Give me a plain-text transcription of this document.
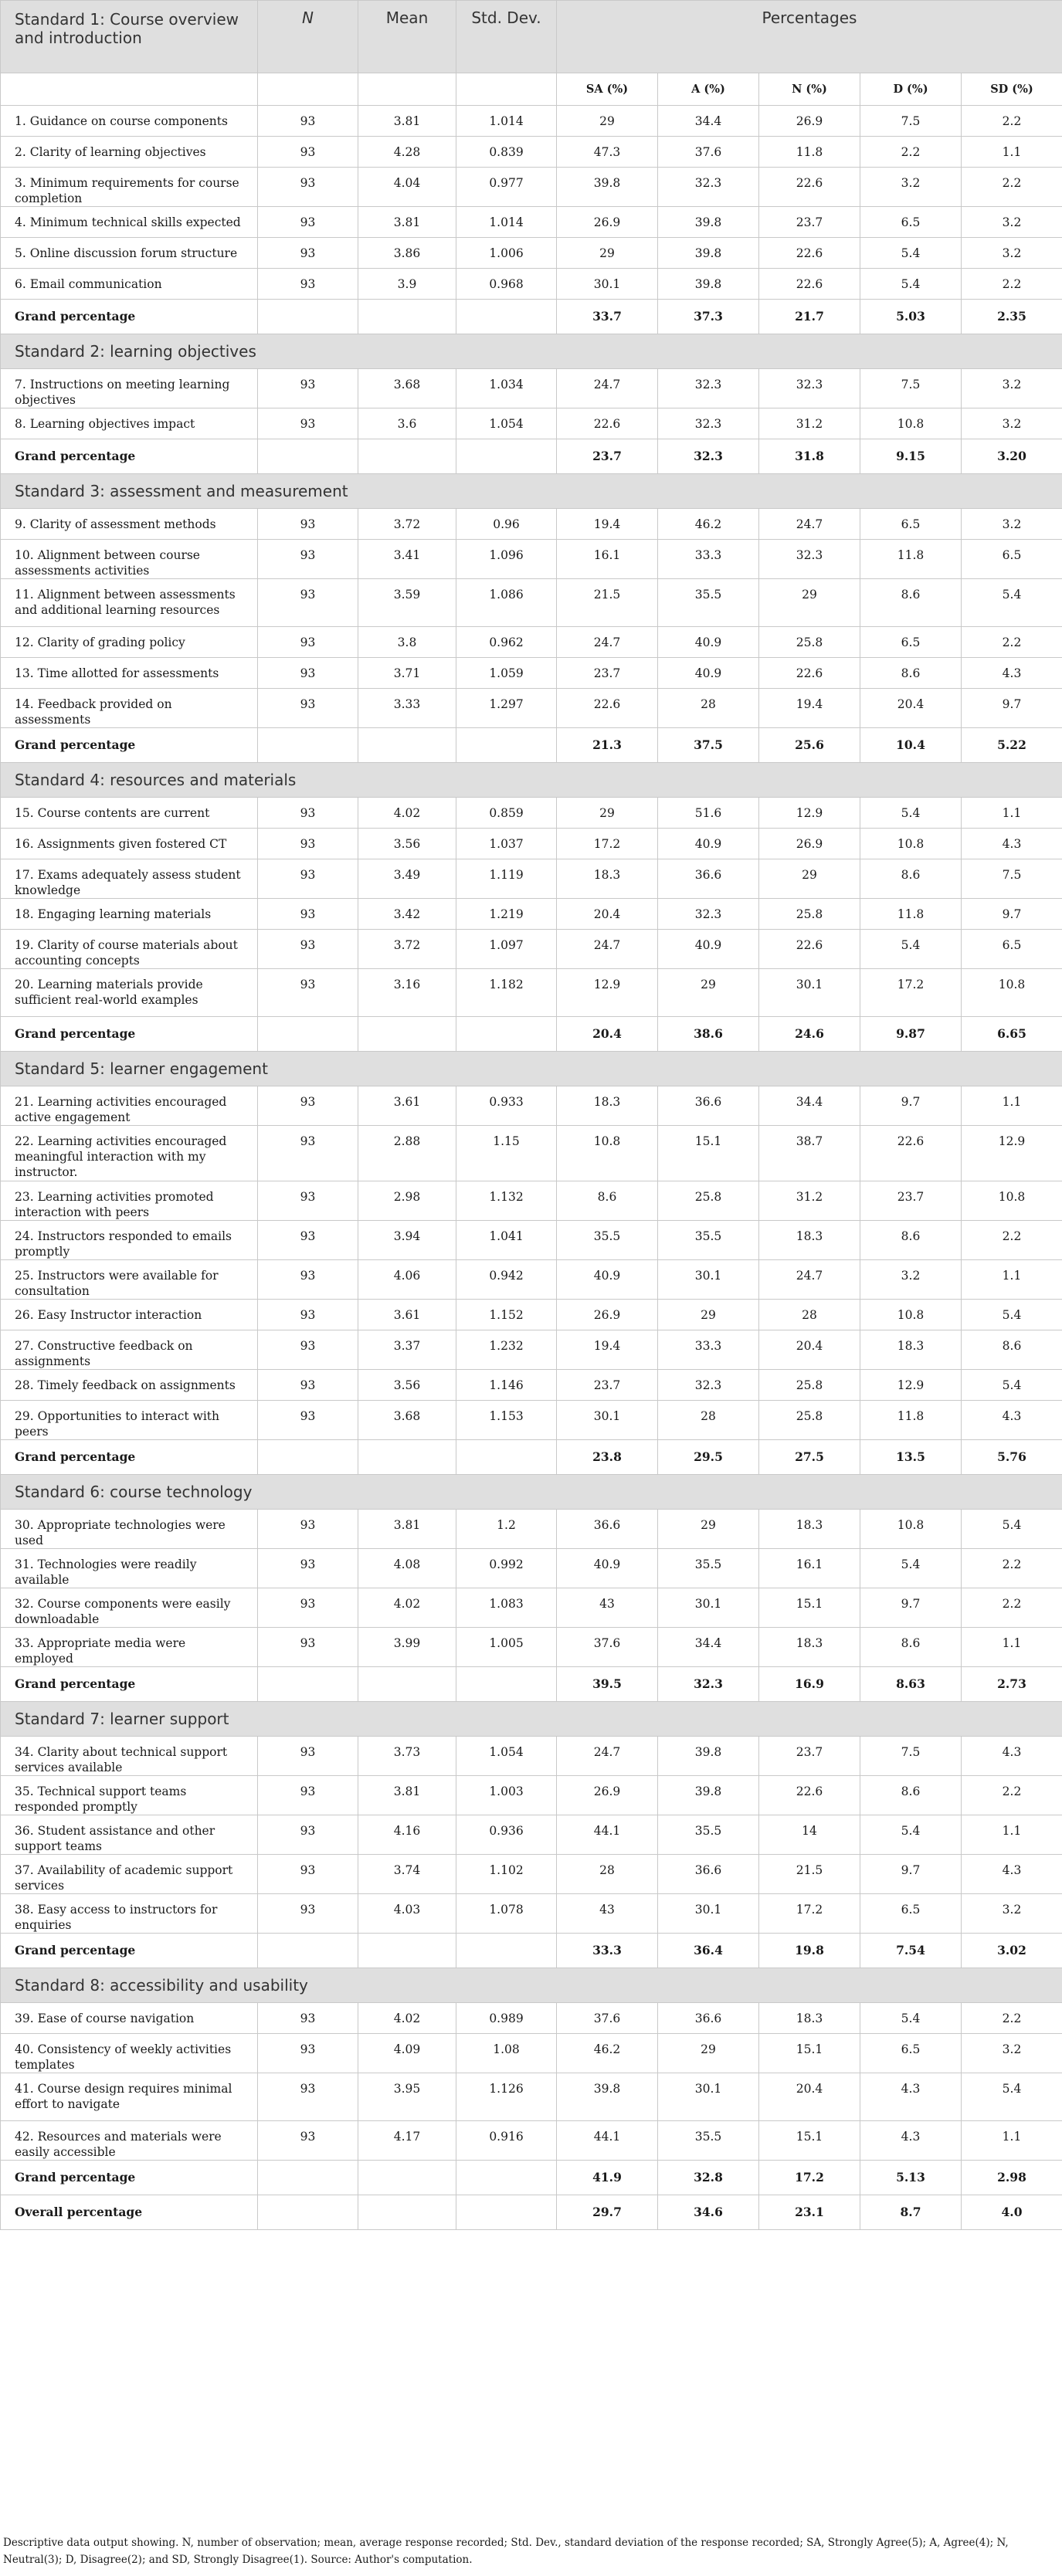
Standard 1: Course overview and introduction	N	Mean	Std. Dev.	Percentages				
				SA (%)	A (%)	N (%)	D (%)	SD (%)
1. Guidance on course components	93	3.81	1.014	29	34.4	26.9	7.5	2.2
2. Clarity of learning objectives	93	4.28	0.839	47.3	37.6	11.8	2.2	1.1
3. Minimum requirements for course completion	93	4.04	0.977	39.8	32.3	22.6	3.2	2.2
4. Minimum technical skills expected	93	3.81	1.014	26.9	39.8	23.7	6.5	3.2
5. Online discussion forum structure	93	3.86	1.006	29	39.8	22.6	5.4	3.2
6. Email communication	93	3.9	0.968	30.1	39.8	22.6	5.4	2.2
Grand percentage				33.7	37.3	21.7	5.03	2.35
Standard 2: learning objectives								
7. Instructions on meeting learning objectives	93	3.68	1.034	24.7	32.3	32.3	7.5	3.2
8. Learning objectives impact	93	3.6	1.054	22.6	32.3	31.2	10.8	3.2
Grand percentage				23.7	32.3	31.8	9.15	3.20
Standard 3: assessment and measurement								
9. Clarity of assessment methods	93	3.72	0.96	19.4	46.2	24.7	6.5	3.2
10. Alignment between course assessments activities	93	3.41	1.096	16.1	33.3	32.3	11.8	6.5
11. Alignment between assessments and additional learning resources	93	3.59	1.086	21.5	35.5	29	8.6	5.4
12. Clarity of grading policy	93	3.8	0.962	24.7	40.9	25.8	6.5	2.2
13. Time allotted for assessments	93	3.71	1.059	23.7	40.9	22.6	8.6	4.3
14. Feedback provided on assessments	93	3.33	1.297	22.6	28	19.4	20.4	9.7
Grand percentage				21.3	37.5	25.6	10.4	5.22
Standard 4: resources and materials								
15. Course contents are current	93	4.02	0.859	29	51.6	12.9	5.4	1.1
16. Assignments given fostered CT	93	3.56	1.037	17.2	40.9	26.9	10.8	4.3
17. Exams adequately assess student knowledge	93	3.49	1.119	18.3	36.6	29	8.6	7.5
18. Engaging learning materials	93	3.42	1.219	20.4	32.3	25.8	11.8	9.7
19. Clarity of course materials about accounting concepts	93	3.72	1.097	24.7	40.9	22.6	5.4	6.5
20. Learning materials provide sufficient real-world examples	93	3.16	1.182	12.9	29	30.1	17.2	10.8
Grand percentage				20.4	38.6	24.6	9.87	6.65
Standard 5: learner engagement								
21. Learning activities encouraged active engagement	93	3.61	0.933	18.3	36.6	34.4	9.7	1.1
22. Learning activities encouraged meaningful interaction with my instructor.	93	2.88	1.15	10.8	15.1	38.7	22.6	12.9
23. Learning activities promoted interaction with peers	93	2.98	1.132	8.6	25.8	31.2	23.7	10.8
24. Instructors responded to emails promptly	93	3.94	1.041	35.5	35.5	18.3	8.6	2.2
25. Instructors were available for consultation	93	4.06	0.942	40.9	30.1	24.7	3.2	1.1
26. Easy Instructor interaction	93	3.61	1.152	26.9	29	28	10.8	5.4
27. Constructive feedback on assignments	93	3.37	1.232	19.4	33.3	20.4	18.3	8.6
28. Timely feedback on assignments	93	3.56	1.146	23.7	32.3	25.8	12.9	5.4
29. Opportunities to interact with peers	93	3.68	1.153	30.1	28	25.8	11.8	4.3
Grand percentage				23.8	29.5	27.5	13.5	5.76
Standard 6: course technology								
30. Appropriate technologies were used	93	3.81	1.2	36.6	29	18.3	10.8	5.4
31. Technologies were readily available	93	4.08	0.992	40.9	35.5	16.1	5.4	2.2
32. Course components were easily downloadable	93	4.02	1.083	43	30.1	15.1	9.7	2.2
33. Appropriate media were employed	93	3.99	1.005	37.6	34.4	18.3	8.6	1.1
Grand percentage				39.5	32.3	16.9	8.63	2.73
Standard 7: learner support								
34. Clarity about technical support services available	93	3.73	1.054	24.7	39.8	23.7	7.5	4.3
35. Technical support teams responded promptly	93	3.81	1.003	26.9	39.8	22.6	8.6	2.2
36. Student assistance and other support teams	93	4.16	0.936	44.1	35.5	14	5.4	1.1
37. Availability of academic support services	93	3.74	1.102	28	36.6	21.5	9.7	4.3
38. Easy access to instructors for enquiries	93	4.03	1.078	43	30.1	17.2	6.5	3.2
Grand percentage				33.3	36.4	19.8	7.54	3.02
Standard 8: accessibility and usability								
39. Ease of course navigation	93	4.02	0.989	37.6	36.6	18.3	5.4	2.2
40. Consistency of weekly activities templates	93	4.09	1.08	46.2	29	15.1	6.5	3.2
41. Course design requires minimal effort to navigate	93	3.95	1.126	39.8	30.1	20.4	4.3	5.4
42. Resources and materials were easily accessible	93	4.17	0.916	44.1	35.5	15.1	4.3	1.1
Grand percentage				41.9	32.8	17.2	5.13	2.98
Overall percentage				29.7	34.6	23.1	8.7	4.0
Descriptive data output showing. N, number of observation; mean, average response recorded; Std. Dev., standard deviation of the response recorded; SA, Strongly Agree(5); A, Agree(4); N, Neutral(3); D, Disagree(2); and SD, Strongly Disagree(1). Source: Author's computation.
